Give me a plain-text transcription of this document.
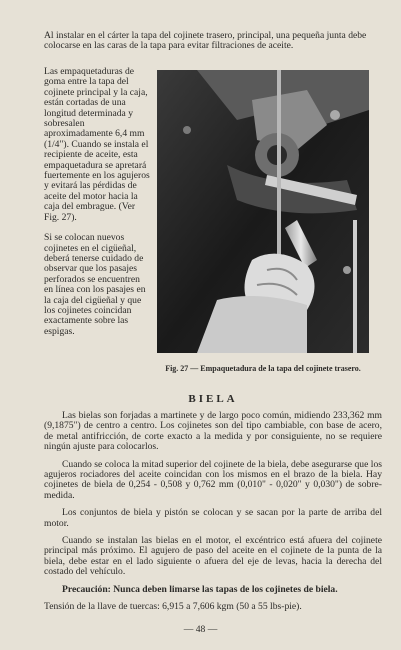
Al instalar en el cárter la tapa del cojinete trasero, principal, una pequeña junta debe colocarse en las caras de la tapa para evitar filtraciones de aceite.

Las empaquetaduras de goma entre la tapa del cojinete principal y la caja, están cortadas de una longitud determinada y sobresalen aproximadamente 6,4 mm (1/4"). Cuando se instala el recipiente de aceite, esta empaquetadura se apretará fuertemente en los agujeros y evitará las pérdidas de aceite del motor hacia la caja del embrague. (Ver Fig. 27).

Si se colocan nuevos cojinetes en el cigüeñal, deberá tenerse cuidado de observar que los pasajes perforados se encuentren en línea con los pasajes en la caja del cigüeñal y que los cojinetes coincidan exactamente sobre las espigas.

Fig. 27 — Empaquetadura de la tapa del cojinete trasero.
BIELA

Las bielas son forjadas a martinete y de largo poco común, midiendo 233,362 mm (9,1875") de centro a centro. Los cojinetes son del tipo cambiable, con base de acero, de metal antifricción, de corte exacto a la medida y por consiguiente, no se requiere ningún ajuste para colocarlos.

Cuando se coloca la mitad superior del cojinete de la biela, debe asegurarse que los agujeros rociadores del aceite coincidan con los mismos en el brazo de la biela. Hay cojinetes de biela de 0,254 - 0,508 y 0,762 mm (0,010" - 0,020" y 0,030") de sobre-medida.

Los conjuntos de biela y pistón se colocan y se sacan por la parte de arriba del motor.

Cuando se instalan las bielas en el motor, el excéntrico está afuera del cojinete principal más próximo. El agujero de paso del aceite en el cojinete de la punta de la biela, debe estar en el lado siguiente o afuera del eje de levas, hacia la derecha del costado del vehículo.

Precaución: Nunca deben limarse las tapas de los cojinetes de biela.

Tensión de la llave de tuercas: 6,915 a 7,606 kgm (50 a 55 lbs-pie).

— 48 —
